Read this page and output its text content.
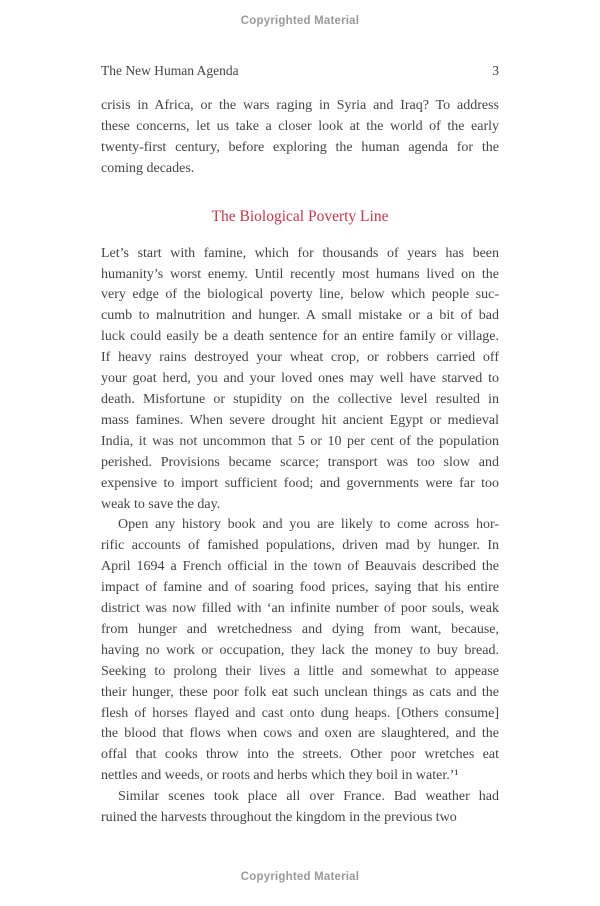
Copyrighted Material
The New Human Agenda	3
crisis in Africa, or the wars raging in Syria and Iraq? To address
these concerns, let us take a closer look at the world of the early
twenty-first century, before exploring the human agenda for the
coming decades.
The Biological Poverty Line
Let’s start with famine, which for thousands of years has been
humanity’s worst enemy. Until recently most humans lived on the
very edge of the biological poverty line, below which people suc-
cumb to malnutrition and hunger. A small mistake or a bit of bad
luck could easily be a death sentence for an entire family or village.
If heavy rains destroyed your wheat crop, or robbers carried off
your goat herd, you and your loved ones may well have starved to
death. Misfortune or stupidity on the collective level resulted in
mass famines. When severe drought hit ancient Egypt or medieval
India, it was not uncommon that 5 or 10 per cent of the population
perished. Provisions became scarce; transport was too slow and
expensive to import sufficient food; and governments were far too
weak to save the day.
Open any history book and you are likely to come across hor-
rific accounts of famished populations, driven mad by hunger. In
April 1694 a French official in the town of Beauvais described the
impact of famine and of soaring food prices, saying that his entire
district was now filled with ‘an infinite number of poor souls, weak
from hunger and wretchedness and dying from want, because,
having no work or occupation, they lack the money to buy bread.
Seeking to prolong their lives a little and somewhat to appease
their hunger, these poor folk eat such unclean things as cats and the
flesh of horses flayed and cast onto dung heaps. [Others consume]
the blood that flows when cows and oxen are slaughtered, and the
offal that cooks throw into the streets. Other poor wretches eat
nettles and weeds, or roots and herbs which they boil in water.’¹
Similar scenes took place all over France. Bad weather had
ruined the harvests throughout the kingdom in the previous two
Copyrighted Material
